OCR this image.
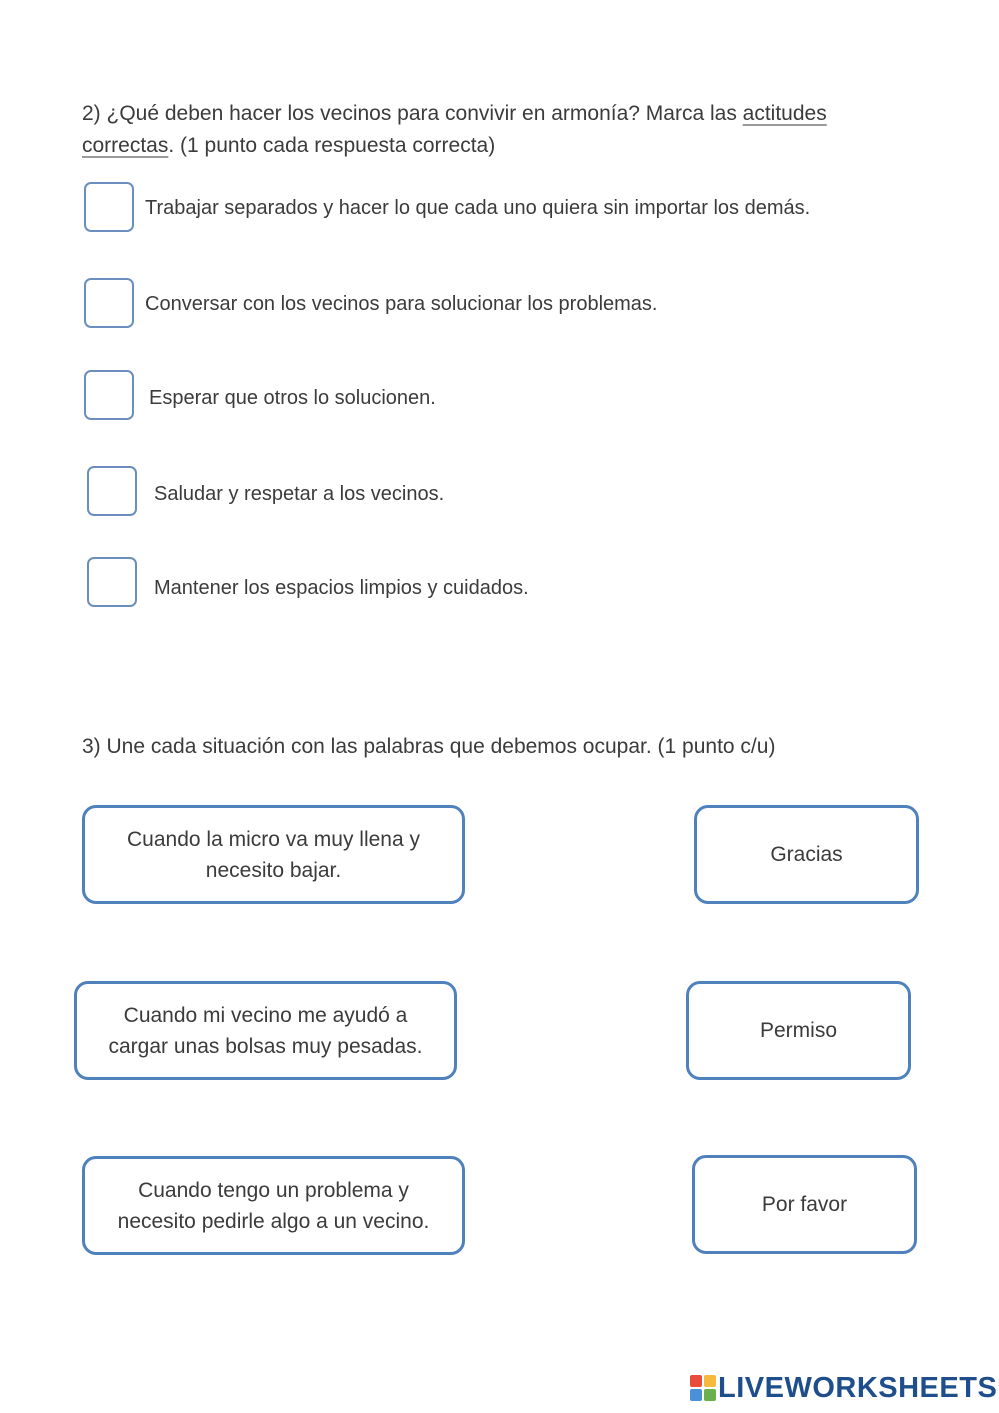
2) ¿Qué deben hacer los vecinos para convivir en armonía? Marca las actitudes
correctas. (1 punto cada respuesta correcta)
Trabajar separados y hacer lo que cada uno quiera sin importar los demás.
Conversar con los vecinos para solucionar los problemas.
Esperar que otros lo solucionen.
Saludar y respetar a los vecinos.
Mantener los espacios limpios y cuidados.
3) Une cada situación con las palabras que debemos ocupar. (1 punto c/u)
Cuando la micro va muy llena y necesito bajar.
Cuando mi vecino me ayudó a cargar unas bolsas muy pesadas.
Cuando tengo un problema y necesito pedirle algo a un vecino.
Gracias
Permiso
Por favor
LIVEWORKSHEETS
